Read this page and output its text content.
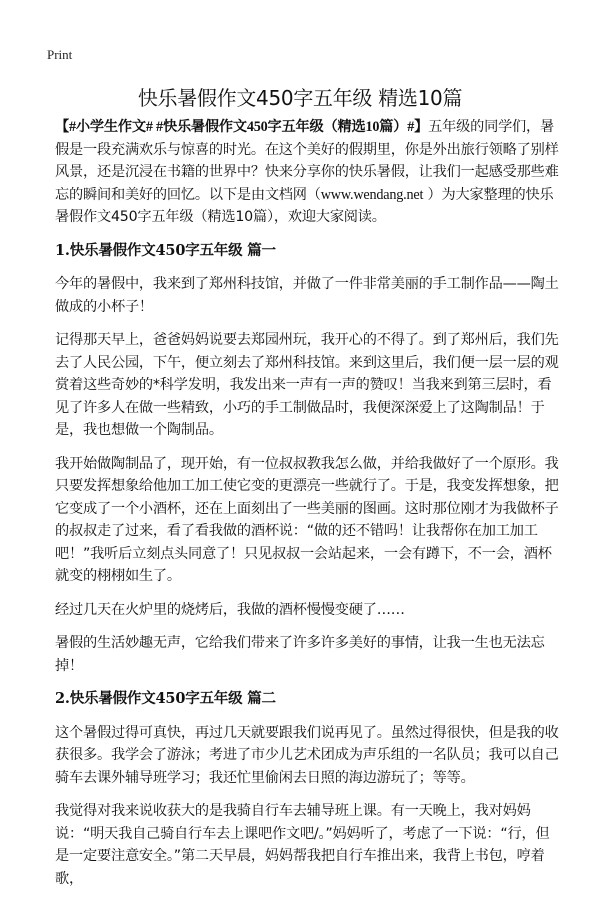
Print
快乐暑假作文450字五年级 精选10篇

【#小学生作文# #快乐暑假作文450字五年级（精选10篇）#】五年级的同学们，暑假是一段充满欢乐与惊喜的时光。在这个美好的假期里，你是外出旅行领略了别样风景，还是沉浸在书籍的世界中？快来分享你的快乐暑假，让我们一起感受那些难忘的瞬间和美好的回忆。以下是由文档网（www.wendang.net ）为大家整理的快乐暑假作文450字五年级（精选10篇），欢迎大家阅读。

1.快乐暑假作文450字五年级 篇一

今年的暑假中，我来到了郑州科技馆，并做了一件非常美丽的手工制作品——陶土做成的小杯子！

记得那天早上，爸爸妈妈说要去郑园州玩，我开心的不得了。到了郑州后，我们先去了人民公园，下午，便立刻去了郑州科技馆。来到这里后，我们便一层一层的观赏着这些奇妙的*科学发明，我发出来一声有一声的赞叹！当我来到第三层时，看见了许多人在做一些精致，小巧的手工制做品时，我便深深爱上了这陶制品！于是，我也想做一个陶制品。

我开始做陶制品了，现开始，有一位叔叔教我怎么做，并给我做好了一个原形。我只要发挥想象给他加工加工使它变的更漂亮一些就行了。于是，我变发挥想象，把它变成了一个小酒杯，还在上面刻出了一些美丽的图画。这时那位刚才为我做杯子的叔叔走了过来，看了看我做的酒杯说：“做的还不错吗！让我帮你在加工加工吧！”我听后立刻点头同意了！只见叔叔一会站起来，一会有蹲下，不一会，酒杯就变的栩栩如生了。

经过几天在火炉里的烧烤后，我做的酒杯慢慢变硬了……

暑假的生活妙趣无声，它给我们带来了许多许多美好的事情，让我一生也无法忘掉！

2.快乐暑假作文450字五年级 篇二

这个暑假过得可真快，再过几天就要跟我们说再见了。虽然过得很快，但是我的收获很多。我学会了游泳；考进了市少儿艺术团成为声乐组的一名队员；我可以自己骑车去课外辅导班学习；我还忙里偷闲去日照的海边游玩了；等等。

我觉得对我来说收获大的是我骑自行车去辅导班上课。有一天晚上，我对妈妈说：“明天我自己骑自行车去上课吧作文吧/。”妈妈听了，考虑了一下说：“行，但是一定要注意安全。”第二天早晨，妈妈帮我把自行车推出来，我背上书包，哼着歌，
